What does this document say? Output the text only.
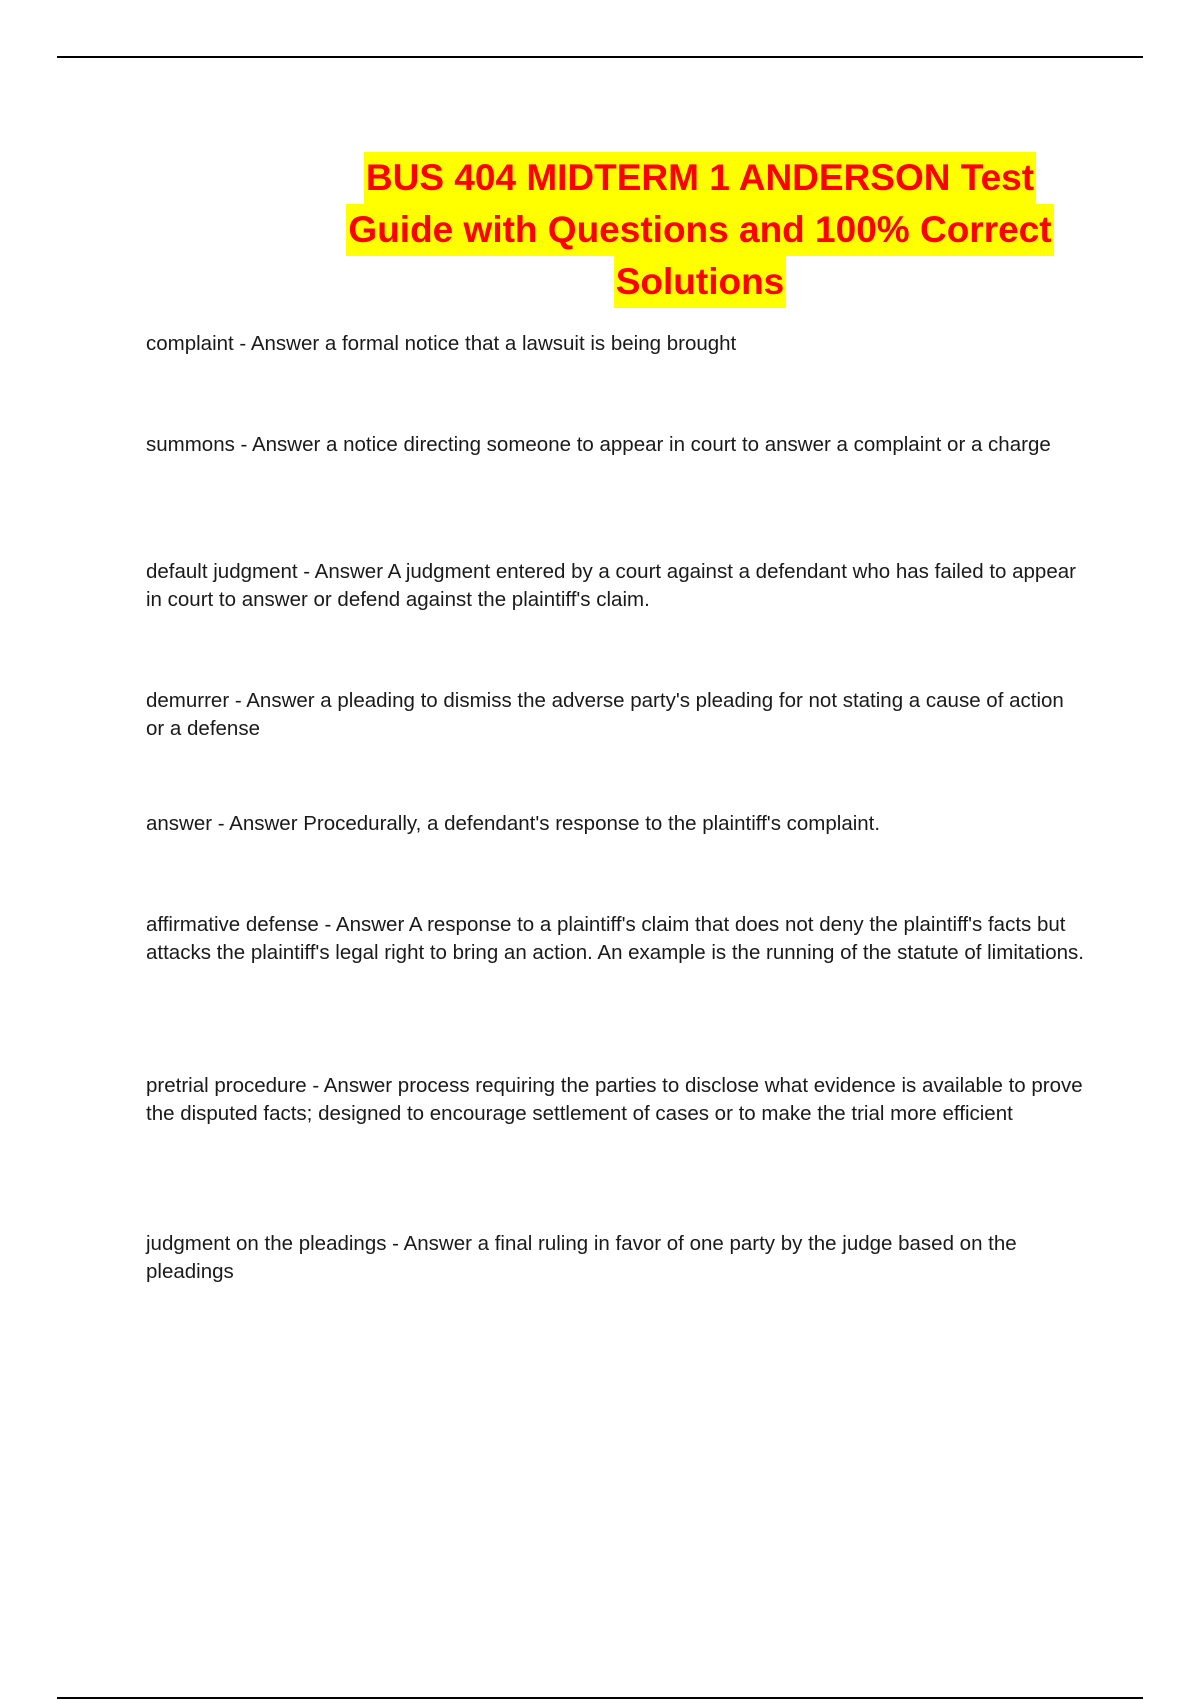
BUS 404 MIDTERM 1 ANDERSON Test
Guide with Questions and 100% Correct
Solutions
complaint - Answer a formal notice that a lawsuit is being brought
summons - Answer a notice directing someone to appear in court to answer a complaint or a charge
default judgment - Answer A judgment entered by a court against a defendant who has failed to appear in court to answer or defend against the plaintiff's claim.
demurrer - Answer a pleading to dismiss the adverse party's pleading for not stating a cause of action or a defense
answer - Answer Procedurally, a defendant's response to the plaintiff's complaint.
affirmative defense - Answer A response to a plaintiff's claim that does not deny the plaintiff's facts but attacks the plaintiff's legal right to bring an action. An example is the running of the statute of limitations.
pretrial procedure - Answer process requiring the parties to disclose what evidence is available to prove the disputed facts; designed to encourage settlement of cases or to make the trial more efficient
judgment on the pleadings - Answer a final ruling in favor of one party by the judge based on the pleadings
